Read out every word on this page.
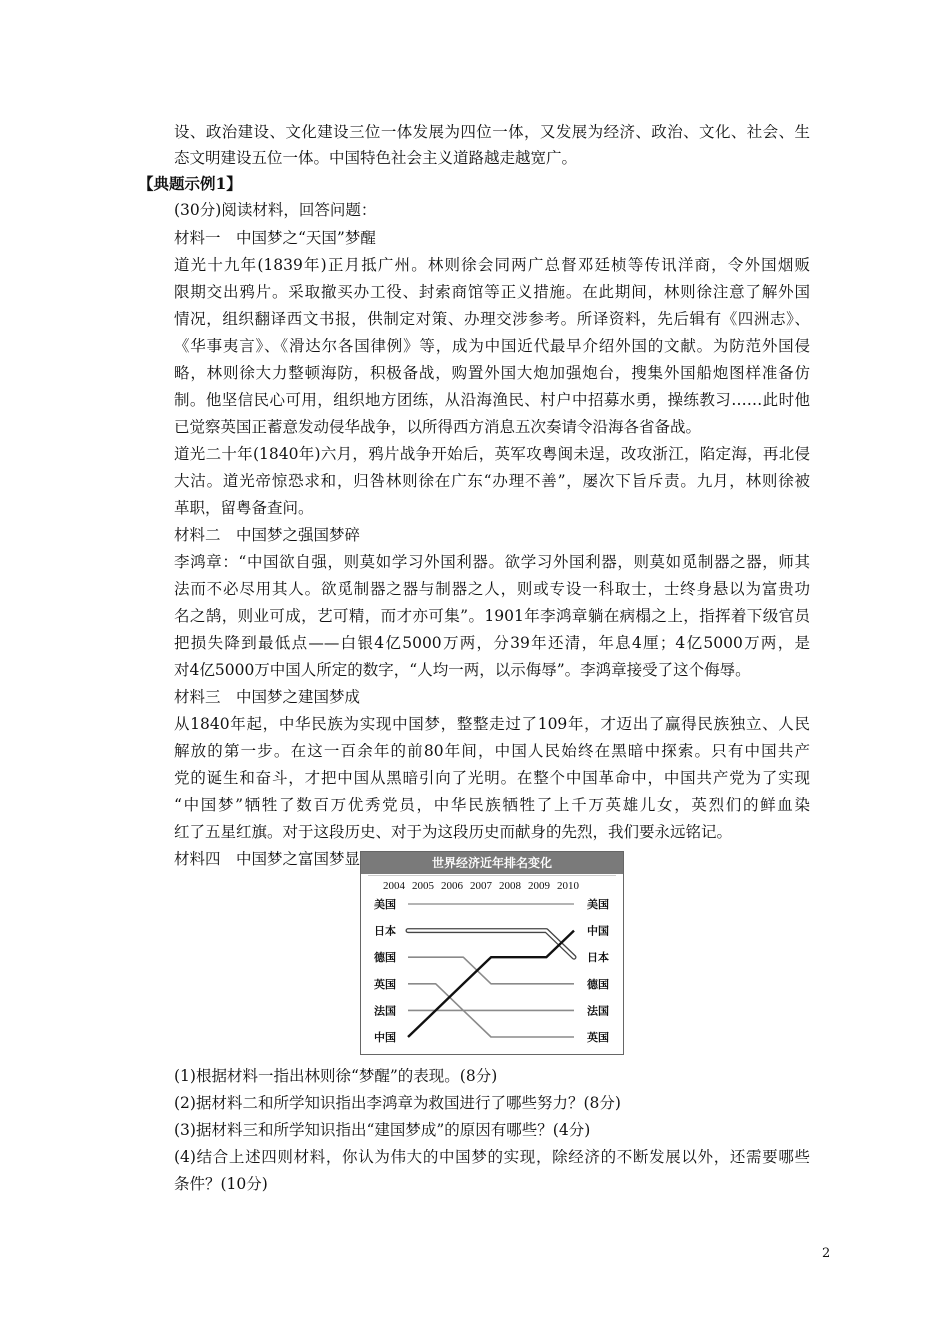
设、政治建设、文化建设三位一体发展为四位一体，又发展为经济、政治、文化、社会、生
态文明建设五位一体。中国特色社会主义道路越走越宽广。
【典题示例1】
(30分)阅读材料，回答问题：
材料一　中国梦之“天国”梦醒
道光十九年(1839年)正月抵广州。林则徐会同两广总督邓廷桢等传讯洋商，令外国烟贩
限期交出鸦片。采取撤买办工役、封索商馆等正义措施。在此期间，林则徐注意了解外国
情况，组织翻译西文书报，供制定对策、办理交涉参考。所译资料，先后辑有《四洲志》、
《华事夷言》、《滑达尔各国律例》等，成为中国近代最早介绍外国的文献。为防范外国侵
略，林则徐大力整顿海防，积极备战，购置外国大炮加强炮台，搜集外国船炮图样准备仿
制。他坚信民心可用，组织地方团练，从沿海渔民、村户中招募水勇，操练教习……此时他
已觉察英国正蓄意发动侵华战争，以所得西方消息五次奏请令沿海各省备战。
道光二十年(1840年)六月，鸦片战争开始后，英军攻粤闽未逞，改攻浙江，陷定海，再北侵
大沽。道光帝惊恐求和，归咎林则徐在广东“办理不善”，屡次下旨斥责。九月，林则徐被
革职，留粤备查问。
材料二　中国梦之强国梦碎
李鸿章：“中国欲自强，则莫如学习外国利器。欲学习外国利器，则莫如觅制器之器，师其
法而不必尽用其人。欲觅制器之器与制器之人，则或专设一科取士，士终身悬以为富贵功
名之鹄，则业可成，艺可精，而才亦可集”。1901年李鸿章躺在病榻之上，指挥着下级官员
把损失降到最低点——白银4亿5000万两，分39年还清，年息4厘；4亿5000万两，是
对4亿5000万中国人所定的数字，“人均一两，以示侮辱”。李鸿章接受了这个侮辱。
材料三　中国梦之建国梦成
从1840年起，中华民族为实现中国梦，整整走过了109年，才迈出了赢得民族独立、人民
解放的第一步。在这一百余年的前80年间，中国人民始终在黑暗中探索。只有中国共产
党的诞生和奋斗，才把中国从黑暗引向了光明。在整个中国革命中，中国共产党为了实现
“中国梦”牺牲了数百万优秀党员，中华民族牺牲了上千万英雄儿女，英烈们的鲜血染
红了五星红旗。对于这段历史、对于为这段历史而献身的先烈，我们要永远铭记。
材料四　中国梦之富国梦显	世界经济近年排名变化
2004 2005 2006 2007 2008 2009 2010
美国
日本
德国
英国
法国
中国
美国
中国
日本
德国
法国
英国
(1)根据材料一指出林则徐“梦醒”的表现。(8分)
(2)据材料二和所学知识指出李鸿章为救国进行了哪些努力？(8分)
(3)据材料三和所学知识指出“建国梦成”的原因有哪些？(4分)
(4)结合上述四则材料，你认为伟大的中国梦的实现，除经济的不断发展以外，还需要哪些
条件？(10分)
2
